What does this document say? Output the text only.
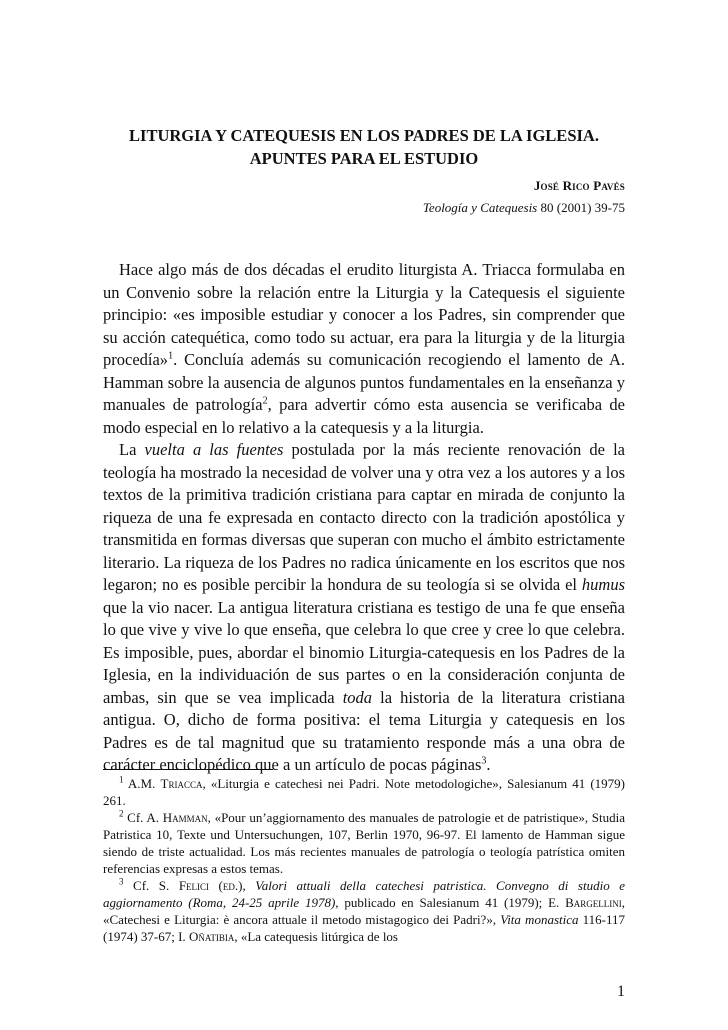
LITURGIA Y CATEQUESIS EN LOS PADRES DE LA IGLESIA.
APUNTES PARA EL ESTUDIO
José Rico Pavés
Teología y Catequesis 80 (2001) 39-75

Hace algo más de dos décadas el erudito liturgista A. Triacca formulaba en un Convenio sobre la relación entre la Liturgia y la Catequesis el siguiente principio: «es imposible estudiar y conocer a los Padres, sin comprender que su acción catequética, como todo su actuar, era para la liturgia y de la liturgia procedía»$^1$. Concluía además su comunicación recogiendo el lamento de A. Hamman sobre la ausencia de algunos puntos fundamentales en la enseñanza y manuales de patrología$^2$, para advertir cómo esta ausencia se verificaba de modo especial en lo relativo a la catequesis y a la liturgia.

La vuelta a las fuentes postulada por la más reciente renovación de la teología ha mostrado la necesidad de volver una y otra vez a los autores y a los textos de la primitiva tradición cristiana para captar en mirada de conjunto la riqueza de una fe expresada en contacto directo con la tradición apostólica y transmitida en formas diversas que superan con mucho el ámbito estrictamente literario. La riqueza de los Padres no radica únicamente en los escritos que nos legaron; no es posible percibir la hondura de su teología si se olvida el humus que la vio nacer. La antigua literatura cristiana es testigo de una fe que enseña lo que vive y vive lo que enseña, que celebra lo que cree y cree lo que celebra. Es imposible, pues, abordar el binomio Liturgia-catequesis en los Padres de la Iglesia, en la individuación de sus partes o en la consideración conjunta de ambas, sin que se vea implicada toda la historia de la literatura cristiana antigua. O, dicho de forma positiva: el tema Liturgia y catequesis en los Padres es de tal magnitud que su tratamiento responde más a una obra de carácter enciclopédico que a un artículo de pocas páginas$^3$.

$^1$ A.M. Triacca, «Liturgia e catechesi nei Padri. Note metodologiche», Salesianum 41 (1979) 261.

$^2$ Cf. A. Hamman, «Pour un’aggiornamento des manuales de patrologie et de patristique», Studia Patristica 10, Texte und Untersuchungen, 107, Berlin 1970, 96-97. El lamento de Hamman sigue siendo de triste actualidad. Los más recientes manuales de patrología o teología patrística omiten referencias expresas a estos temas.

$^3$ Cf. S. Felici (ed.), Valori attuali della catechesi patristica. Convegno di studio e aggiornamento (Roma, 24-25 aprile 1978), publicado en Salesianum 41 (1979); E. Bargellini, «Catechesi e Liturgia: è ancora attuale il metodo mistagogico dei Padri?», Vita monastica 116-117 (1974) 37-67; I. Oñatibia, «La catequesis litúrgica de los

1
